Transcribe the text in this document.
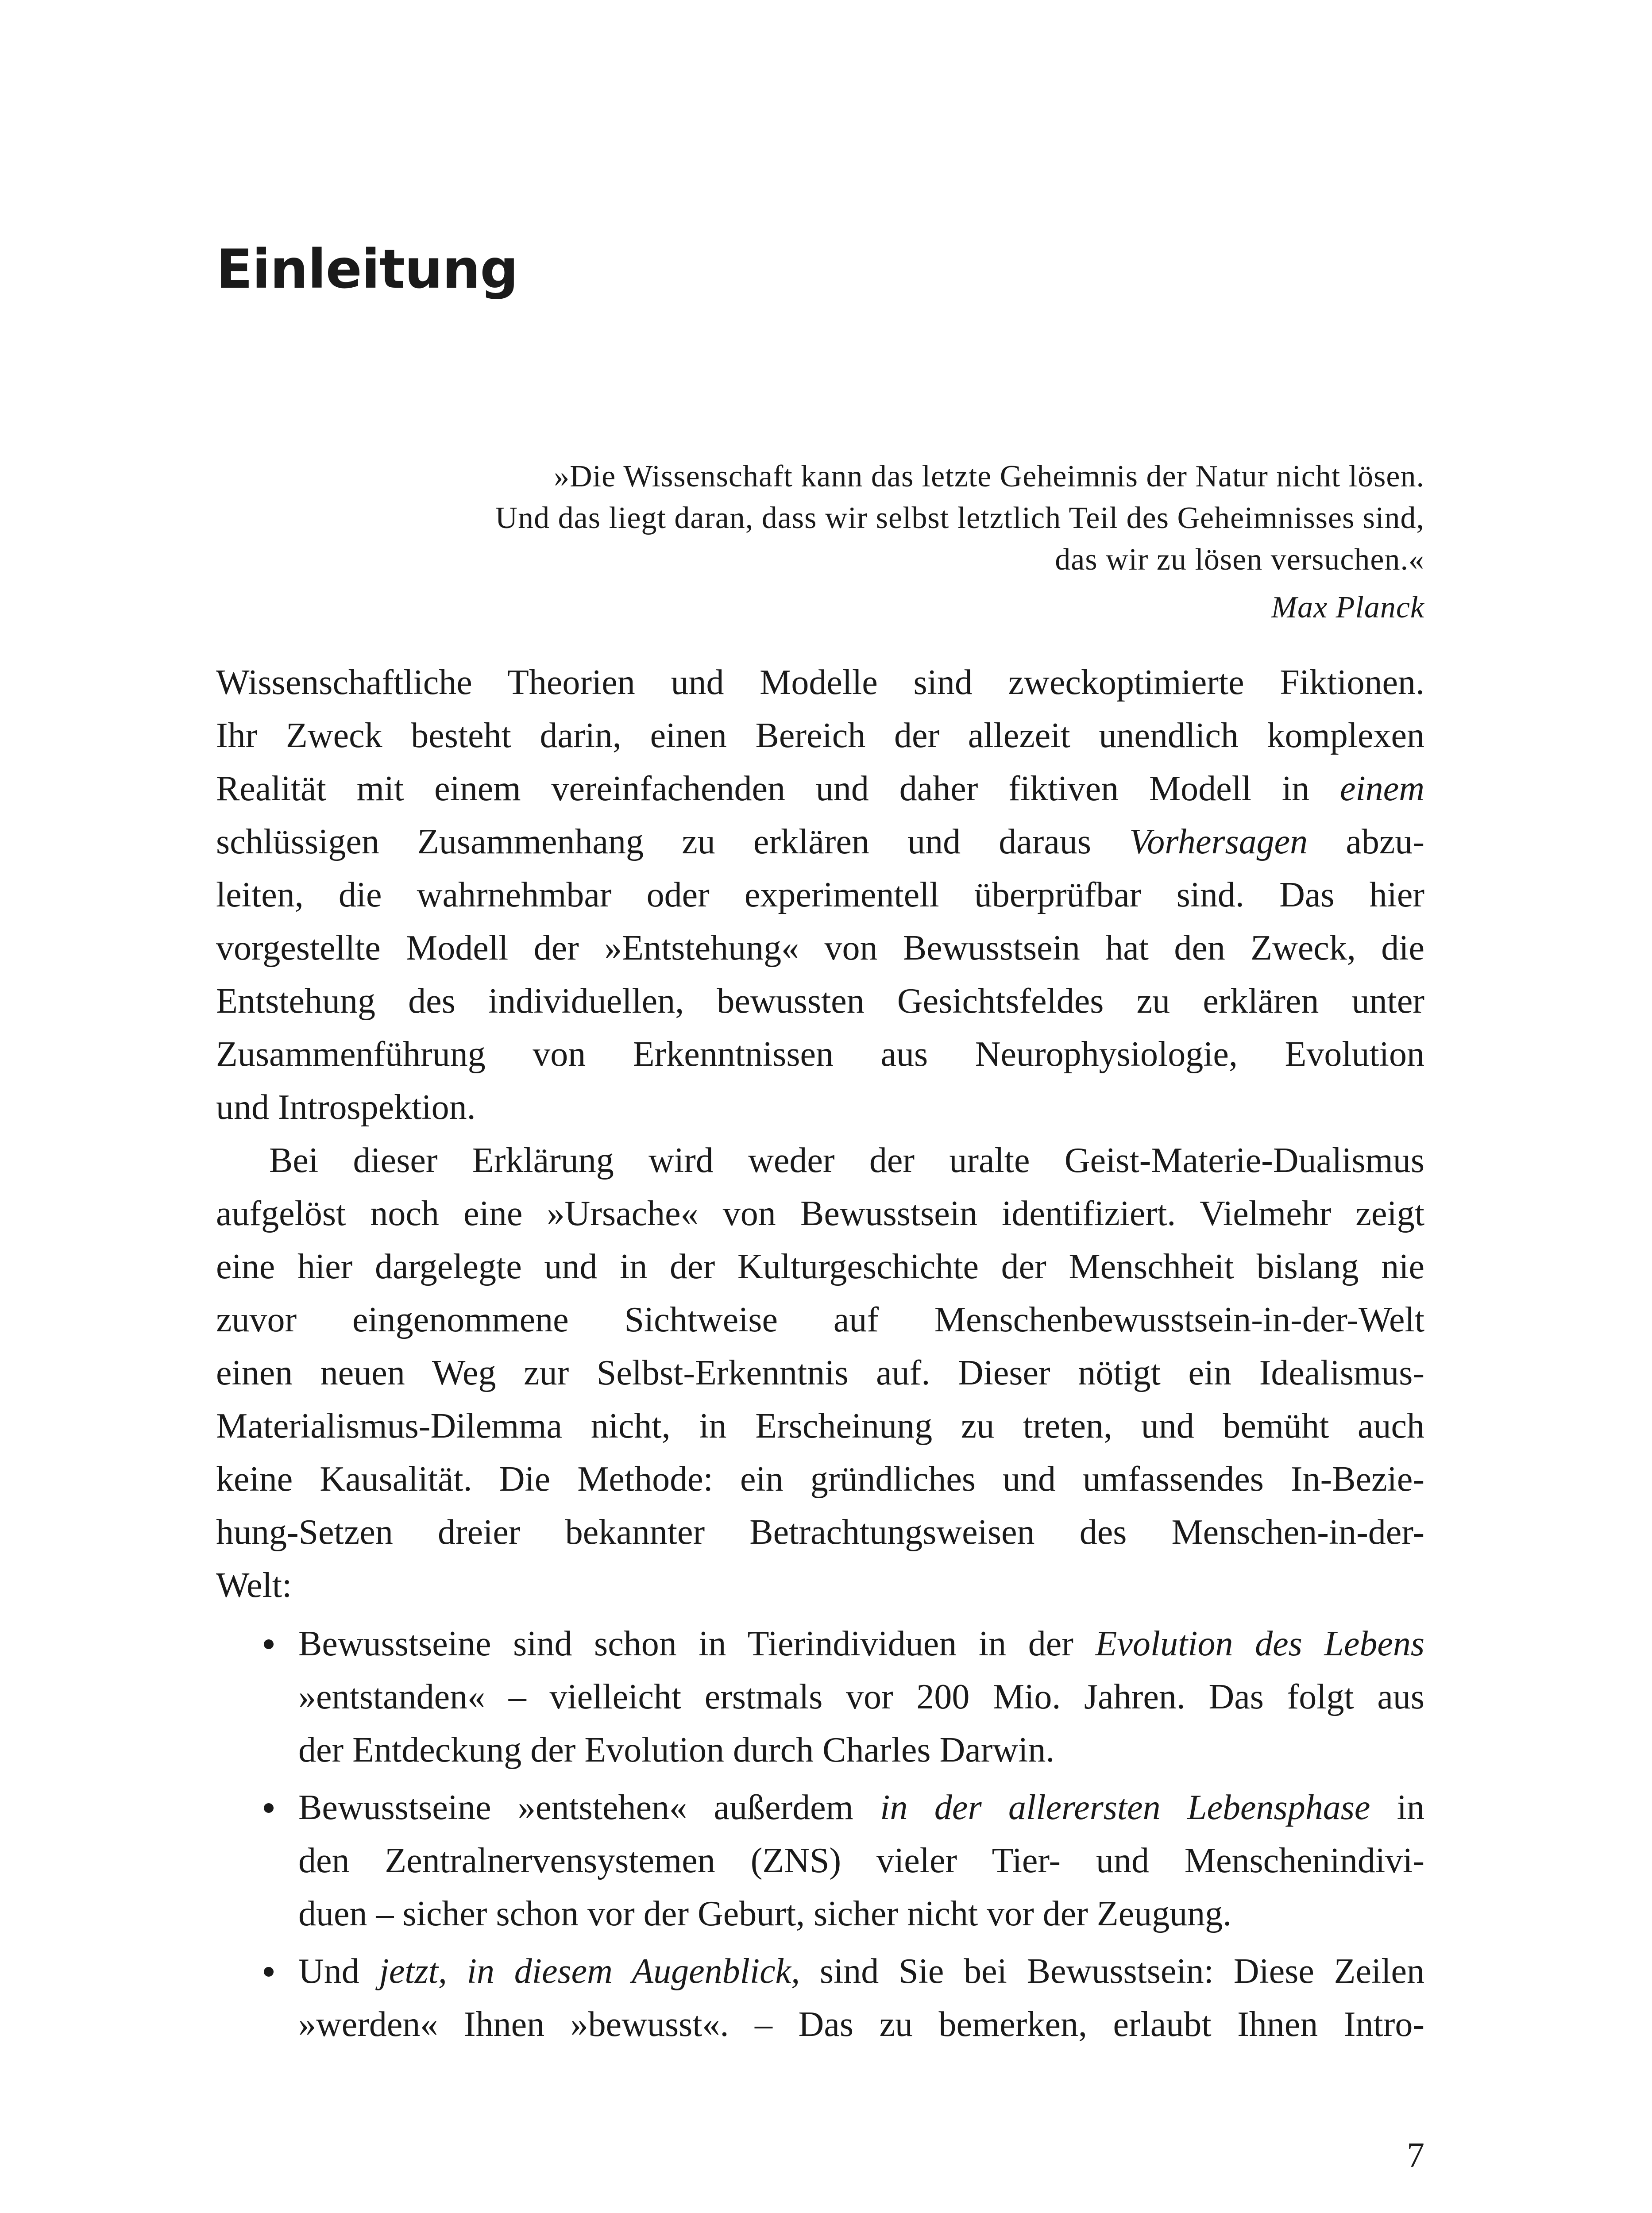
Einleitung
»Die Wissenschaft kann das letzte Geheimnis der Natur nicht lösen.
Und das liegt daran, dass wir selbst letztlich Teil des Geheimnisses sind,
das wir zu lösen versuchen.«
Max Planck

Wissenschaftliche Theorien und Modelle sind zweckoptimierte Fiktionen.
Ihr Zweck besteht darin, einen Bereich der allezeit unendlich komplexen
Realität mit einem vereinfachenden und daher fiktiven Modell in einem
schlüssigen Zusammenhang zu erklären und daraus Vorhersagen abzu-
leiten, die wahrnehmbar oder experimentell überprüfbar sind. Das hier
vorgestellte Modell der »Entstehung« von Bewusstsein hat den Zweck, die
Entstehung des individuellen, bewussten Gesichtsfeldes zu erklären unter
Zusammenführung von Erkenntnissen aus Neurophysiologie, Evolution
und Introspektion.

Bei dieser Erklärung wird weder der uralte Geist-Materie-Dualismus
aufgelöst noch eine »Ursache« von Bewusstsein identifiziert. Vielmehr zeigt
eine hier dargelegte und in der Kulturgeschichte der Menschheit bislang nie
zuvor eingenommene Sichtweise auf Menschenbewusstsein-in-der-Welt
einen neuen Weg zur Selbst-Erkenntnis auf. Dieser nötigt ein Idealismus-
Materialismus-Dilemma nicht, in Erscheinung zu treten, und bemüht auch
keine Kausalität. Die Methode: ein gründliches und umfassendes In-Bezie-
hung-Setzen dreier bekannter Betrachtungsweisen des Menschen-in-der-
Welt:

Bewusstseine sind schon in Tierindividuen in der Evolution des Lebens
»entstanden« – vielleicht erstmals vor 200 Mio. Jahren. Das folgt aus
der Entdeckung der Evolution durch Charles Darwin.
Bewusstseine »entstehen« außerdem in der allerersten Lebensphase in
den Zentralnervensystemen (ZNS) vieler Tier- und Menschenindivi-
duen – sicher schon vor der Geburt, sicher nicht vor der Zeugung.
Und jetzt, in diesem Augenblick, sind Sie bei Bewusstsein: Diese Zeilen
»werden« Ihnen »bewusst«. – Das zu bemerken, erlaubt Ihnen Intro-
7
